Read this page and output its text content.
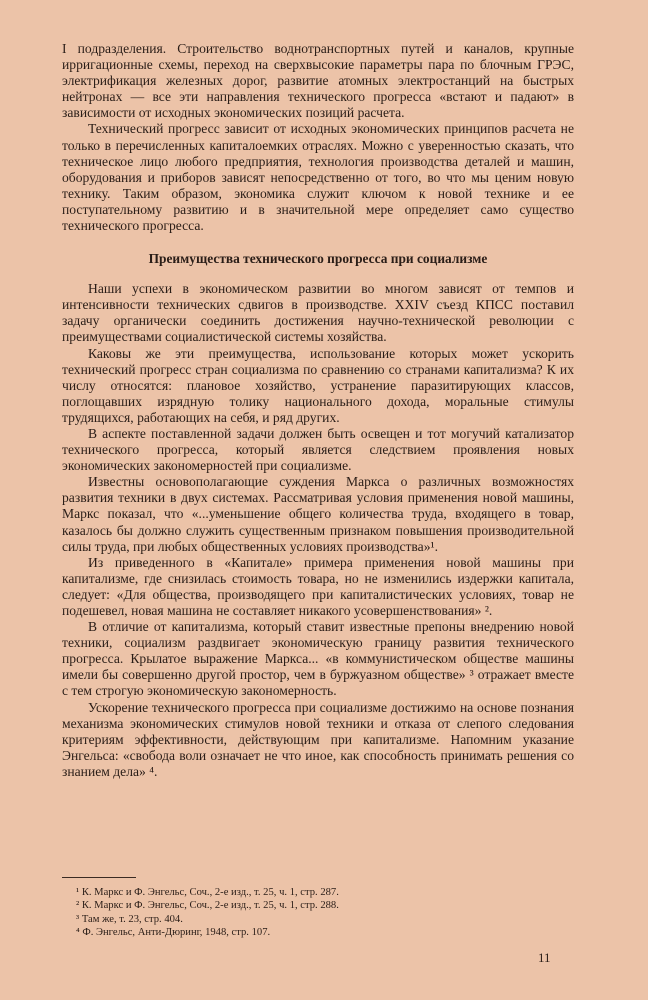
I подразделения. Строительство воднотранспортных путей и каналов, крупные ирригационные схемы, переход на сверхвысокие параметры пара по блочным ГРЭС, электрификация железных дорог, развитие атомных электростанций на быстрых нейтронах — все эти направления технического прогресса «встают и падают» в зависимости от исходных экономических позиций расчета.

Технический прогресс зависит от исходных экономических принципов расчета не только в перечисленных капиталоемких отраслях. Можно с уверенностью сказать, что техническое лицо любого предприятия, технология производства деталей и машин, оборудования и приборов зависят непосредственно от того, во что мы ценим новую технику. Таким образом, экономика служит ключом к новой технике и ее поступательному развитию и в значительной мере определяет само существо технического прогресса.

Преимущества технического прогресса при социализме

Наши успехи в экономическом развитии во многом зависят от темпов и интенсивности технических сдвигов в производстве. XXIV съезд КПСС поставил задачу органически соединить достижения научно-технической революции с преимуществами социалистической системы хозяйства.

Каковы же эти преимущества, использование которых может ускорить технический прогресс стран социализма по сравнению со странами капитализма? К их числу относятся: плановое хозяйство, устранение паразитирующих классов, поглощавших изрядную толику национального дохода, моральные стимулы трудящихся, работающих на себя, и ряд других.

В аспекте поставленной задачи должен быть освещен и тот могучий катализатор технического прогресса, который является следствием проявления новых экономических закономерностей при социализме.

Известны основополагающие суждения Маркса о различных возможностях развития техники в двух системах. Рассматривая условия применения новой машины, Маркс показал, что «...уменьшение общего количества труда, входящего в товар, казалось бы должно служить существенным признаком повышения производительной силы труда, при любых общественных условиях производства»¹.

Из приведенного в «Капитале» примера применения новой машины при капитализме, где снизилась стоимость товара, но не изменились издержки капитала, следует: «Для общества, производящего при капиталистических условиях, товар не подешевел, новая машина не составляет никакого усовершенствования» ².

В отличие от капитализма, который ставит известные препоны внедрению новой техники, социализм раздвигает экономическую границу развития технического прогресса. Крылатое выражение Маркса... «в коммунистическом обществе машины имели бы совершенно другой простор, чем в буржуазном обществе» ³ отражает вместе с тем строгую экономическую закономерность.

Ускорение технического прогресса при социализме достижимо на основе познания механизма экономических стимулов новой техники и отказа от слепого следования критериям эффективности, действующим при капитализме. Напомним указание Энгельса: «свобода воли означает не что иное, как способность принимать решения со знанием дела» ⁴.

¹ К. Маркс и Ф. Энгельс, Соч., 2-е изд., т. 25, ч. 1, стр. 287.
² К. Маркс и Ф. Энгельс, Соч., 2-е изд., т. 25, ч. 1, стр. 288.
³ Там же, т. 23, стр. 404.
⁴ Ф. Энгельс, Анти-Дюринг, 1948, стр. 107.
11
